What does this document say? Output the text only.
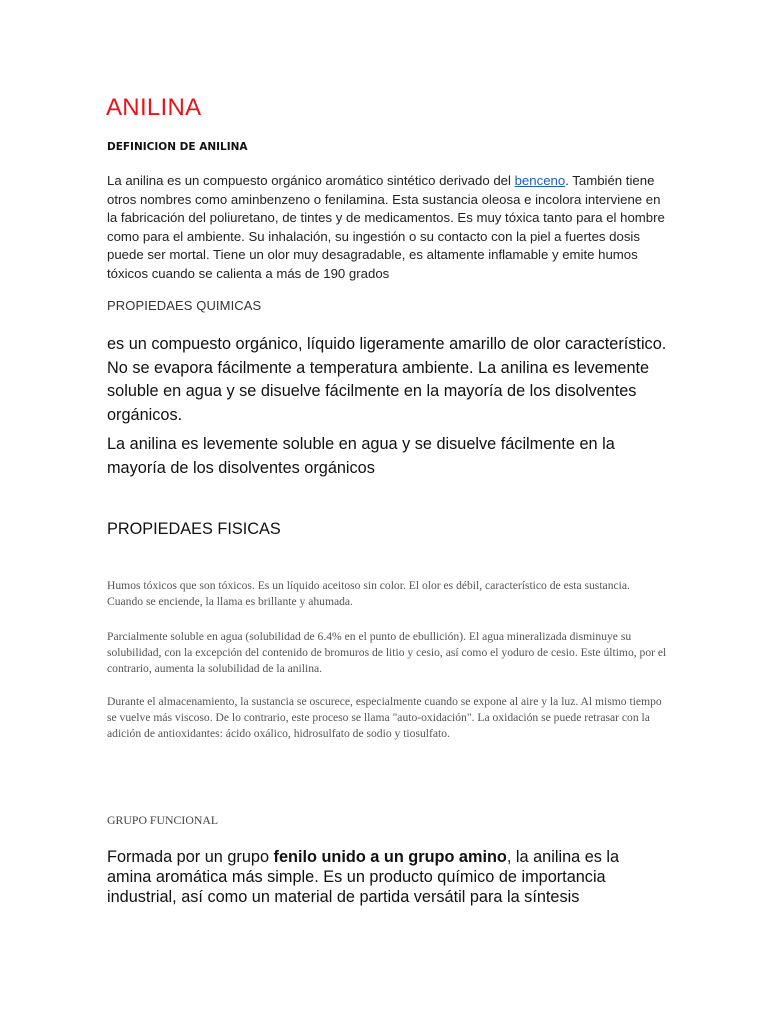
ANILINA
DEFINICION DE ANILINA

La anilina es un compuesto orgánico aromático sintético derivado del benceno. También tiene otros nombres como aminbenzeno o fenilamina. Esta sustancia oleosa e incolora interviene en la fabricación del poliuretano, de tintes y de medicamentos. Es muy tóxica tanto para el hombre como para el ambiente. Su inhalación, su ingestión o su contacto con la piel a fuertes dosis puede ser mortal. Tiene un olor muy desagradable, es altamente inflamable y emite humos tóxicos cuando se calienta a más de 190 grados

PROPIEDAES QUIMICAS

es un compuesto orgánico, líquido ligeramente amarillo de olor característico. No se evapora fácilmente a temperatura ambiente. La anilina es levemente soluble en agua y se disuelve fácilmente en la mayoría de los disolventes orgánicos.

La anilina es levemente soluble en agua y se disuelve fácilmente en la mayoría de los disolventes orgánicos

PROPIEDAES FISICAS

Humos tóxicos que son tóxicos. Es un líquido aceitoso sin color. El olor es débil, característico de esta sustancia. Cuando se enciende, la llama es brillante y ahumada.

Parcialmente soluble en agua (solubilidad de 6.4% en el punto de ebullición). El agua mineralizada disminuye su solubilidad, con la excepción del contenido de bromuros de litio y cesio, así como el yoduro de cesio. Este último, por el contrario, aumenta la solubilidad de la anilina.

Durante el almacenamiento, la sustancia se oscurece, especialmente cuando se expone al aire y la luz. Al mismo tiempo se vuelve más viscoso. De lo contrario, este proceso se llama "auto-oxidación". La oxidación se puede retrasar con la adición de antioxidantes: ácido oxálico, hidrosulfato de sodio y tiosulfato.

GRUPO FUNCIONAL

Formada por un grupo fenilo unido a un grupo amino, la anilina es la amina aromática más simple. Es un producto químico de importancia industrial, así como un material de partida versátil para la síntesis
